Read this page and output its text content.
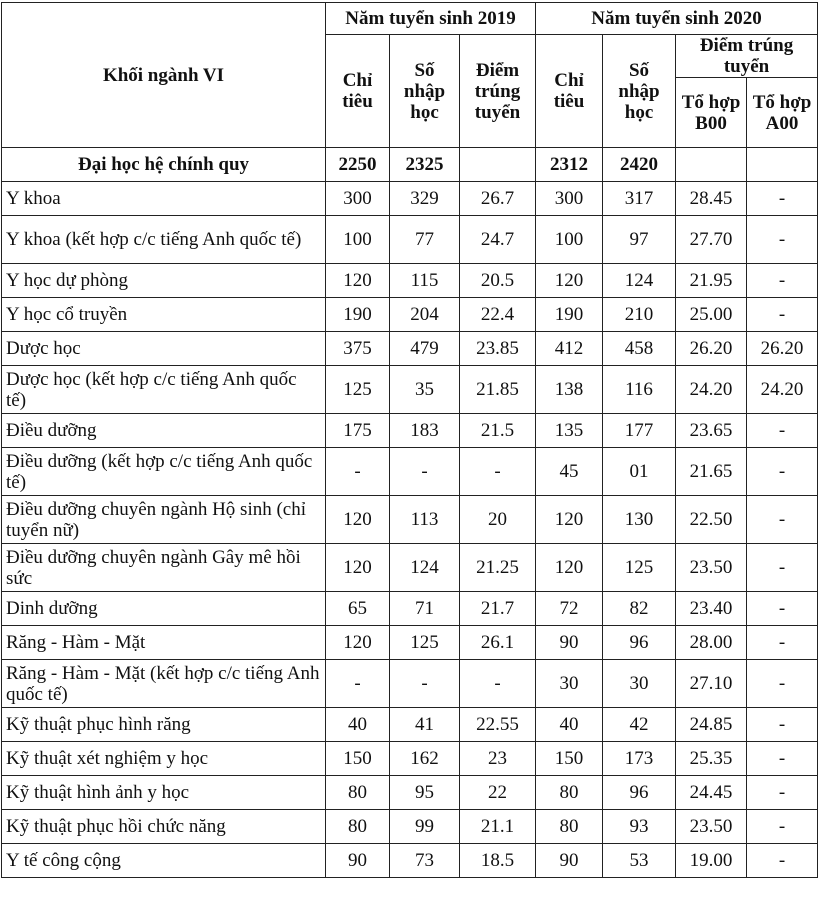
Khối ngành VI	Năm tuyển sinh 2019			Năm tuyển sinh 2020			
	Chỉ tiêu	Số nhập học	Điểm trúng tuyển	Chỉ tiêu	Số nhập học	Điểm trúng tuyển	
						Tổ hợp B00	Tổ hợp A00
Đại học hệ chính quy	2250	2325		2312	2420		
Y khoa	300	329	26.7	300	317	28.45	-
Y khoa (kết hợp c/c tiếng Anh quốc tế)	100	77	24.7	100	97	27.70	-
Y học dự phòng	120	115	20.5	120	124	21.95	-
Y học cổ truyền	190	204	22.4	190	210	25.00	-
Dược học	375	479	23.85	412	458	26.20	26.20
Dược học (kết hợp c/c tiếng Anh quốc tế)	125	35	21.85	138	116	24.20	24.20
Điều dưỡng	175	183	21.5	135	177	23.65	-
Điều dưỡng (kết hợp c/c tiếng Anh quốc tế)	-	-	-	45	01	21.65	-
Điều dưỡng chuyên ngành Hộ sinh (chỉ tuyển nữ)	120	113	20	120	130	22.50	-
Điều dưỡng chuyên ngành Gây mê hồi sức	120	124	21.25	120	125	23.50	-
Dinh dưỡng	65	71	21.7	72	82	23.40	-
Răng - Hàm - Mặt	120	125	26.1	90	96	28.00	-
Răng - Hàm - Mặt (kết hợp c/c tiếng Anh quốc tế)	-	-	-	30	30	27.10	-
Kỹ thuật phục hình răng	40	41	22.55	40	42	24.85	-
Kỹ thuật xét nghiệm y học	150	162	23	150	173	25.35	-
Kỹ thuật hình ảnh y học	80	95	22	80	96	24.45	-
Kỹ thuật phục hồi chức năng	80	99	21.1	80	93	23.50	-
Y tế công cộng	90	73	18.5	90	53	19.00	-
